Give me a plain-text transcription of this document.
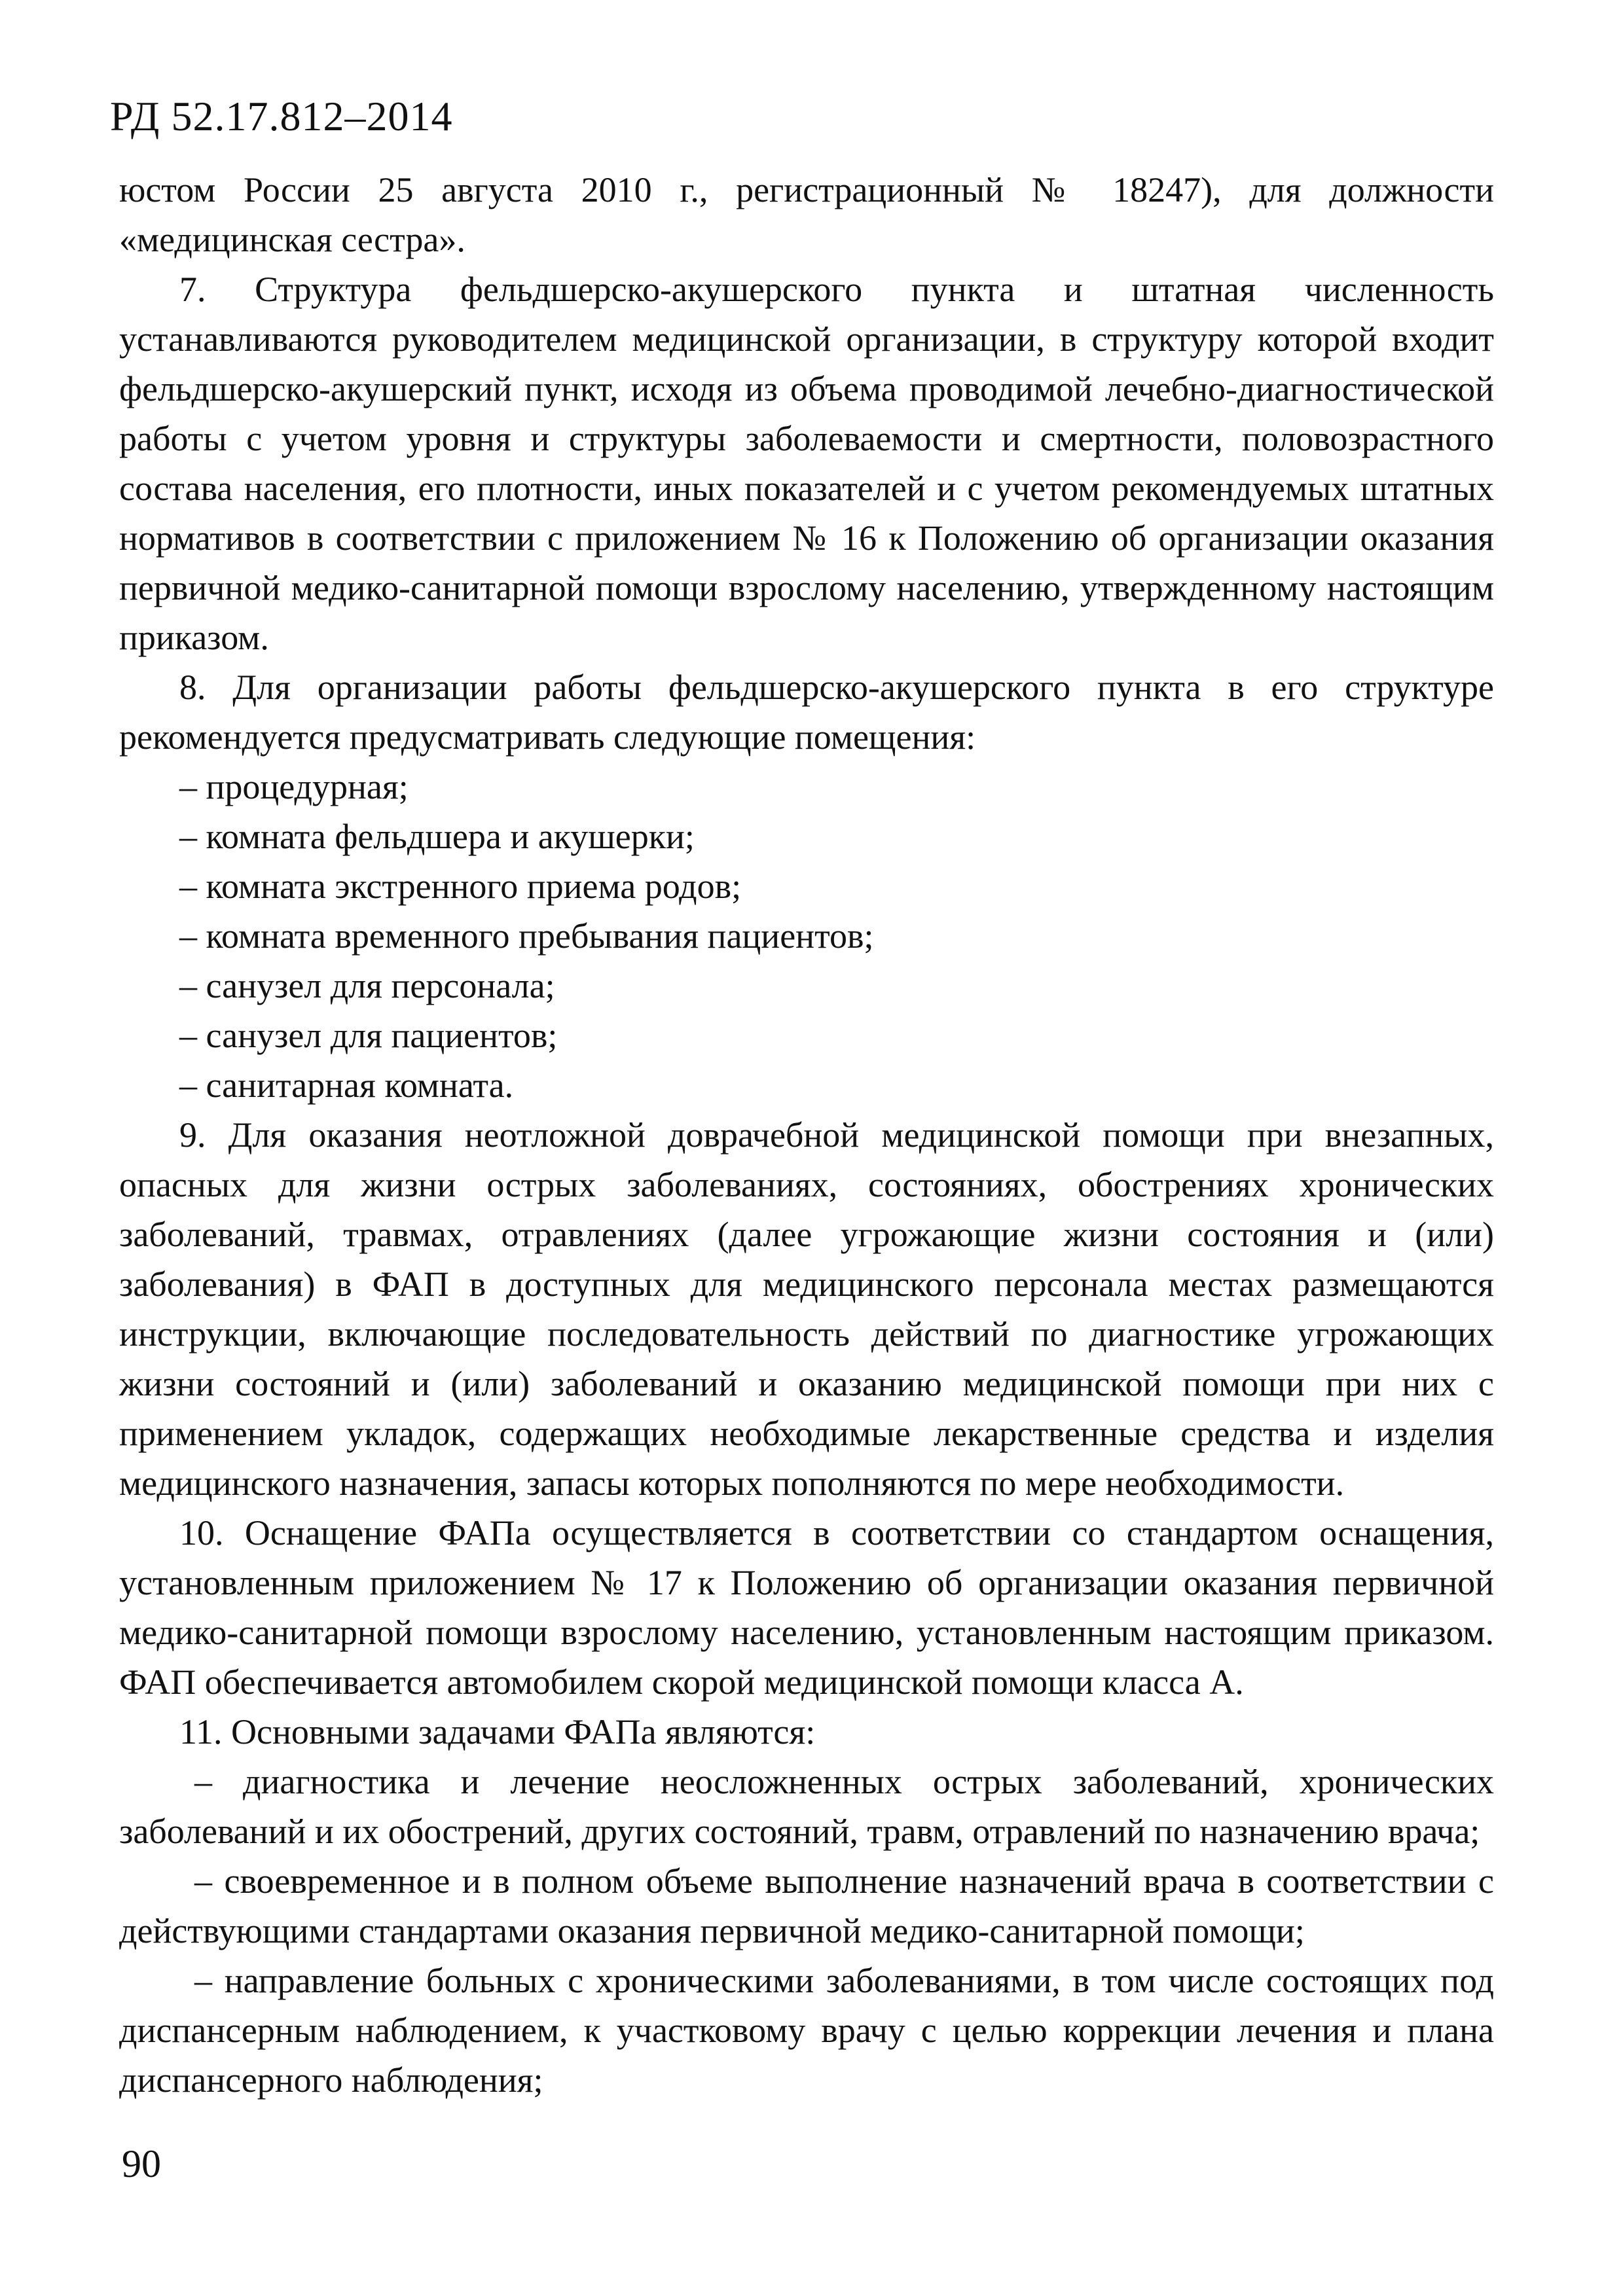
РД 52.17.812–2014

юстом России 25 августа 2010 г., регистрационный № 18247), для должности «медицинская сестра».

7. Структура фельдшерско-акушерского пункта и штатная численность устанавливаются руководителем медицинской организации, в структуру которой входит фельдшерско-акушерский пункт, исходя из объема проводимой лечебно-диагностической работы с учетом уровня и структуры заболеваемости и смертности, половозрастного состава населения, его плотности, иных показателей и с учетом рекомендуемых штатных нормативов в соответствии с приложением № 16 к Положению об организации оказания первичной медико-санитарной помощи взрослому населению, утвержденному настоящим приказом.

8. Для организации работы фельдшерско-акушерского пункта в его структуре рекомендуется предусматривать следующие помещения:

– процедурная;

– комната фельдшера и акушерки;

– комната экстренного приема родов;

– комната временного пребывания пациентов;

– санузел для персонала;

– санузел для пациентов;

– санитарная комната.

9. Для оказания неотложной доврачебной медицинской помощи при внезапных, опасных для жизни острых заболеваниях, состояниях, обострениях хронических заболеваний, травмах, отравлениях (далее угрожающие жизни состояния и (или) заболевания) в ФАП в доступных для медицинского персонала местах размещаются инструкции, включающие последовательность действий по диагностике угрожающих жизни состояний и (или) заболеваний и оказанию медицинской помощи при них с применением укладок, содержащих необходимые лекарственные средства и изделия медицинского назначения, запасы которых пополняются по мере необходимости.

10. Оснащение ФАПа осуществляется в соответствии со стандартом оснащения, установленным приложением № 17 к Положению об организации оказания первичной медико-санитарной помощи взрослому населению, установленным настоящим приказом. ФАП обеспечивается автомобилем скорой медицинской помощи класса А.

11. Основными задачами ФАПа являются:

– диагностика и лечение неосложненных острых заболеваний, хронических заболеваний и их обострений, других состояний, травм, отравлений по назначению врача;

– своевременное и в полном объеме выполнение назначений врача в соответствии с действующими стандартами оказания первичной медико-санитарной помощи;

– направление больных с хроническими заболеваниями, в том числе состоящих под диспансерным наблюдением, к участковому врачу с целью коррекции лечения и плана диспансерного наблюдения;

90
